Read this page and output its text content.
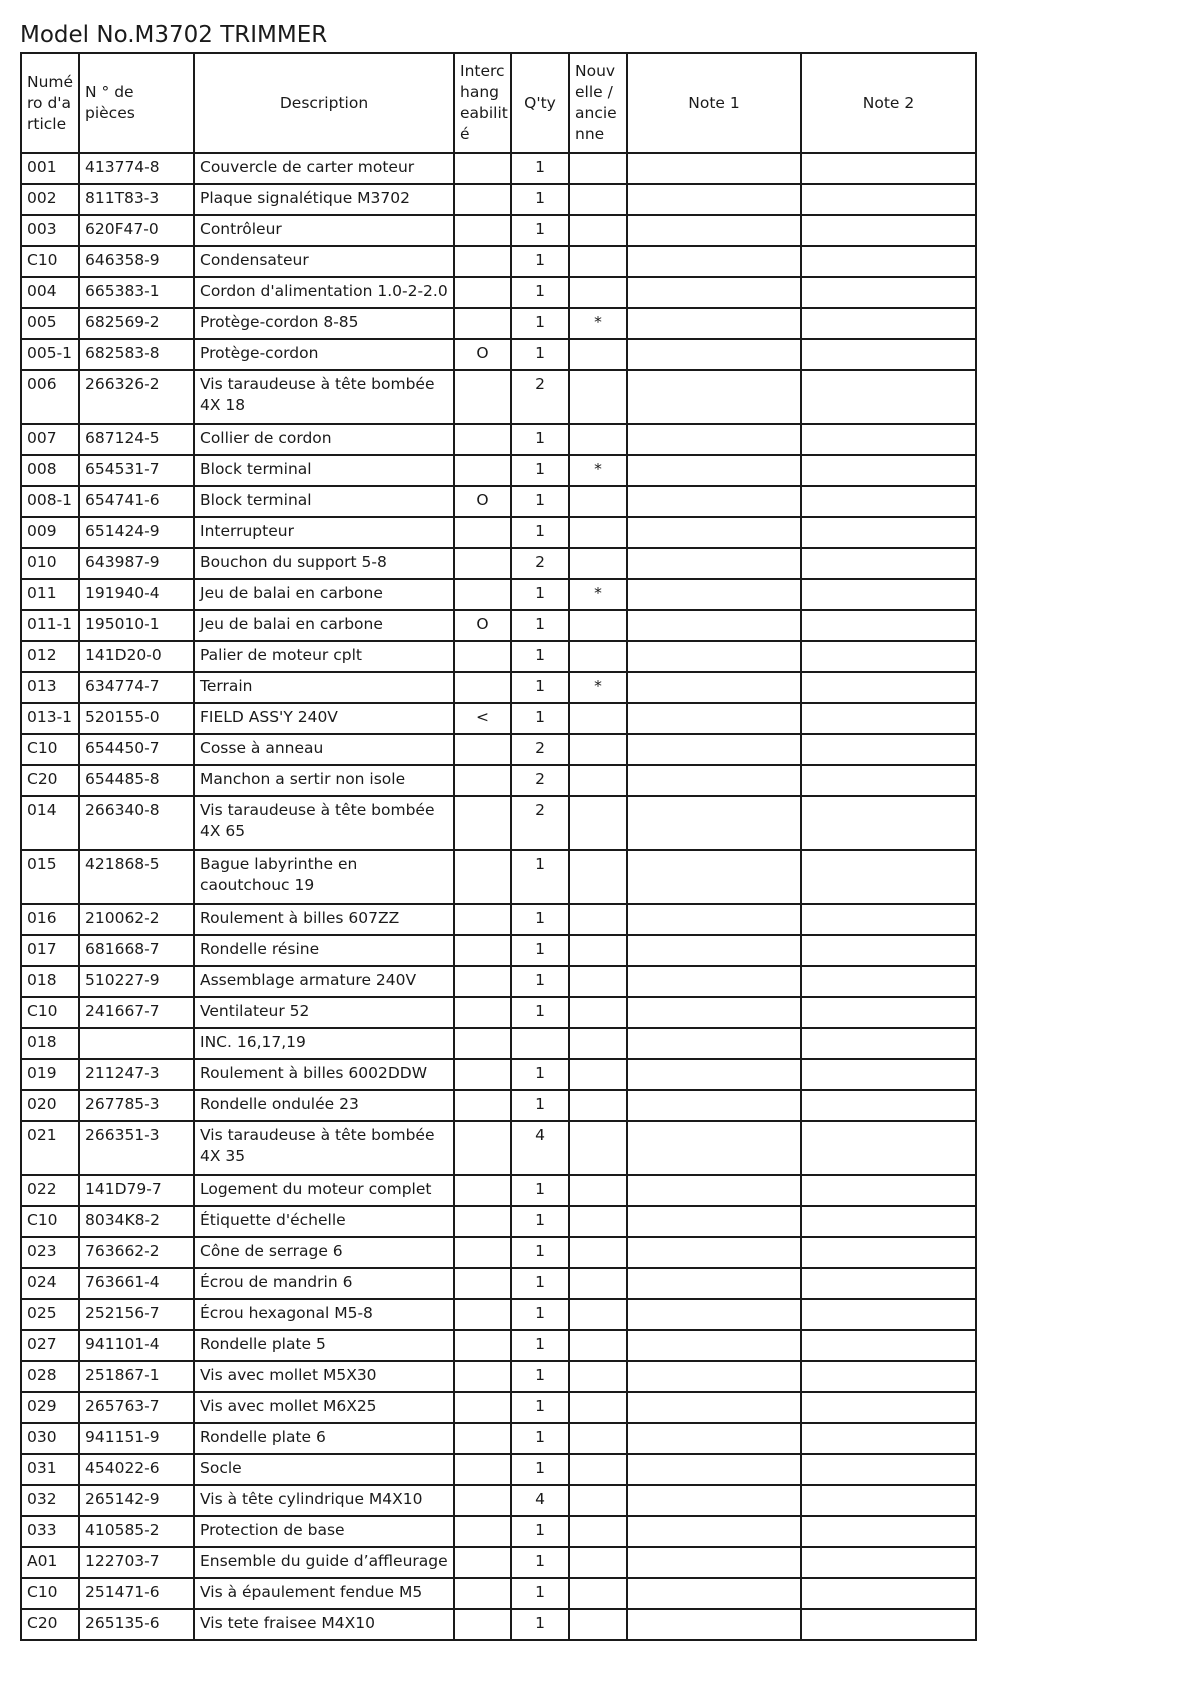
Model No.M3702 TRIMMER
Numé ro d'a rticle	N ° de pièces	Description	Interc hang eabilit é	Q'ty	Nouv elle / ancie nne	Note 1	Note 2
001	413774-8	Couvercle de carter moteur		1			
002	811T83-3	Plaque signalétique M3702		1			
003	620F47-0	Contrôleur		1			
C10	646358-9	Condensateur		1			
004	665383-1	Cordon d'alimentation 1.0-2-2.0		1			
005	682569-2	Protège-cordon 8-85		1	*		
005-1	682583-8	Protège-cordon	O	1			
006	266326-2	Vis taraudeuse à tête bombée 4X 18		2			
007	687124-5	Collier de cordon		1			
008	654531-7	Block terminal		1	*		
008-1	654741-6	Block terminal	O	1			
009	651424-9	Interrupteur		1			
010	643987-9	Bouchon du support 5-8		2			
011	191940-4	Jeu de balai en carbone		1	*		
011-1	195010-1	Jeu de balai en carbone	O	1			
012	141D20-0	Palier de moteur cplt		1			
013	634774-7	Terrain		1	*		
013-1	520155-0	FIELD ASS'Y 240V	<	1			
C10	654450-7	Cosse à anneau		2			
C20	654485-8	Manchon a sertir non isole		2			
014	266340-8	Vis taraudeuse à tête bombée 4X 65		2			
015	421868-5	Bague labyrinthe en caoutchouc 19		1			
016	210062-2	Roulement à billes 607ZZ		1			
017	681668-7	Rondelle résine		1			
018	510227-9	Assemblage armature 240V		1			
C10	241667-7	Ventilateur 52		1			
018		INC. 16,17,19					
019	211247-3	Roulement à billes 6002DDW		1			
020	267785-3	Rondelle ondulée 23		1			
021	266351-3	Vis taraudeuse à tête bombée 4X 35		4			
022	141D79-7	Logement du moteur complet		1			
C10	8034K8-2	Étiquette d'échelle		1			
023	763662-2	Cône de serrage 6		1			
024	763661-4	Écrou de mandrin 6		1			
025	252156-7	Écrou hexagonal M5-8		1			
027	941101-4	Rondelle plate 5		1			
028	251867-1	Vis avec mollet M5X30		1			
029	265763-7	Vis avec mollet M6X25		1			
030	941151-9	Rondelle plate 6		1			
031	454022-6	Socle		1			
032	265142-9	Vis à tête cylindrique M4X10		4			
033	410585-2	Protection de base		1			
A01	122703-7	Ensemble du guide d’affleurage		1			
C10	251471-6	Vis à épaulement fendue M5		1			
C20	265135-6	Vis tete fraisee M4X10		1			
